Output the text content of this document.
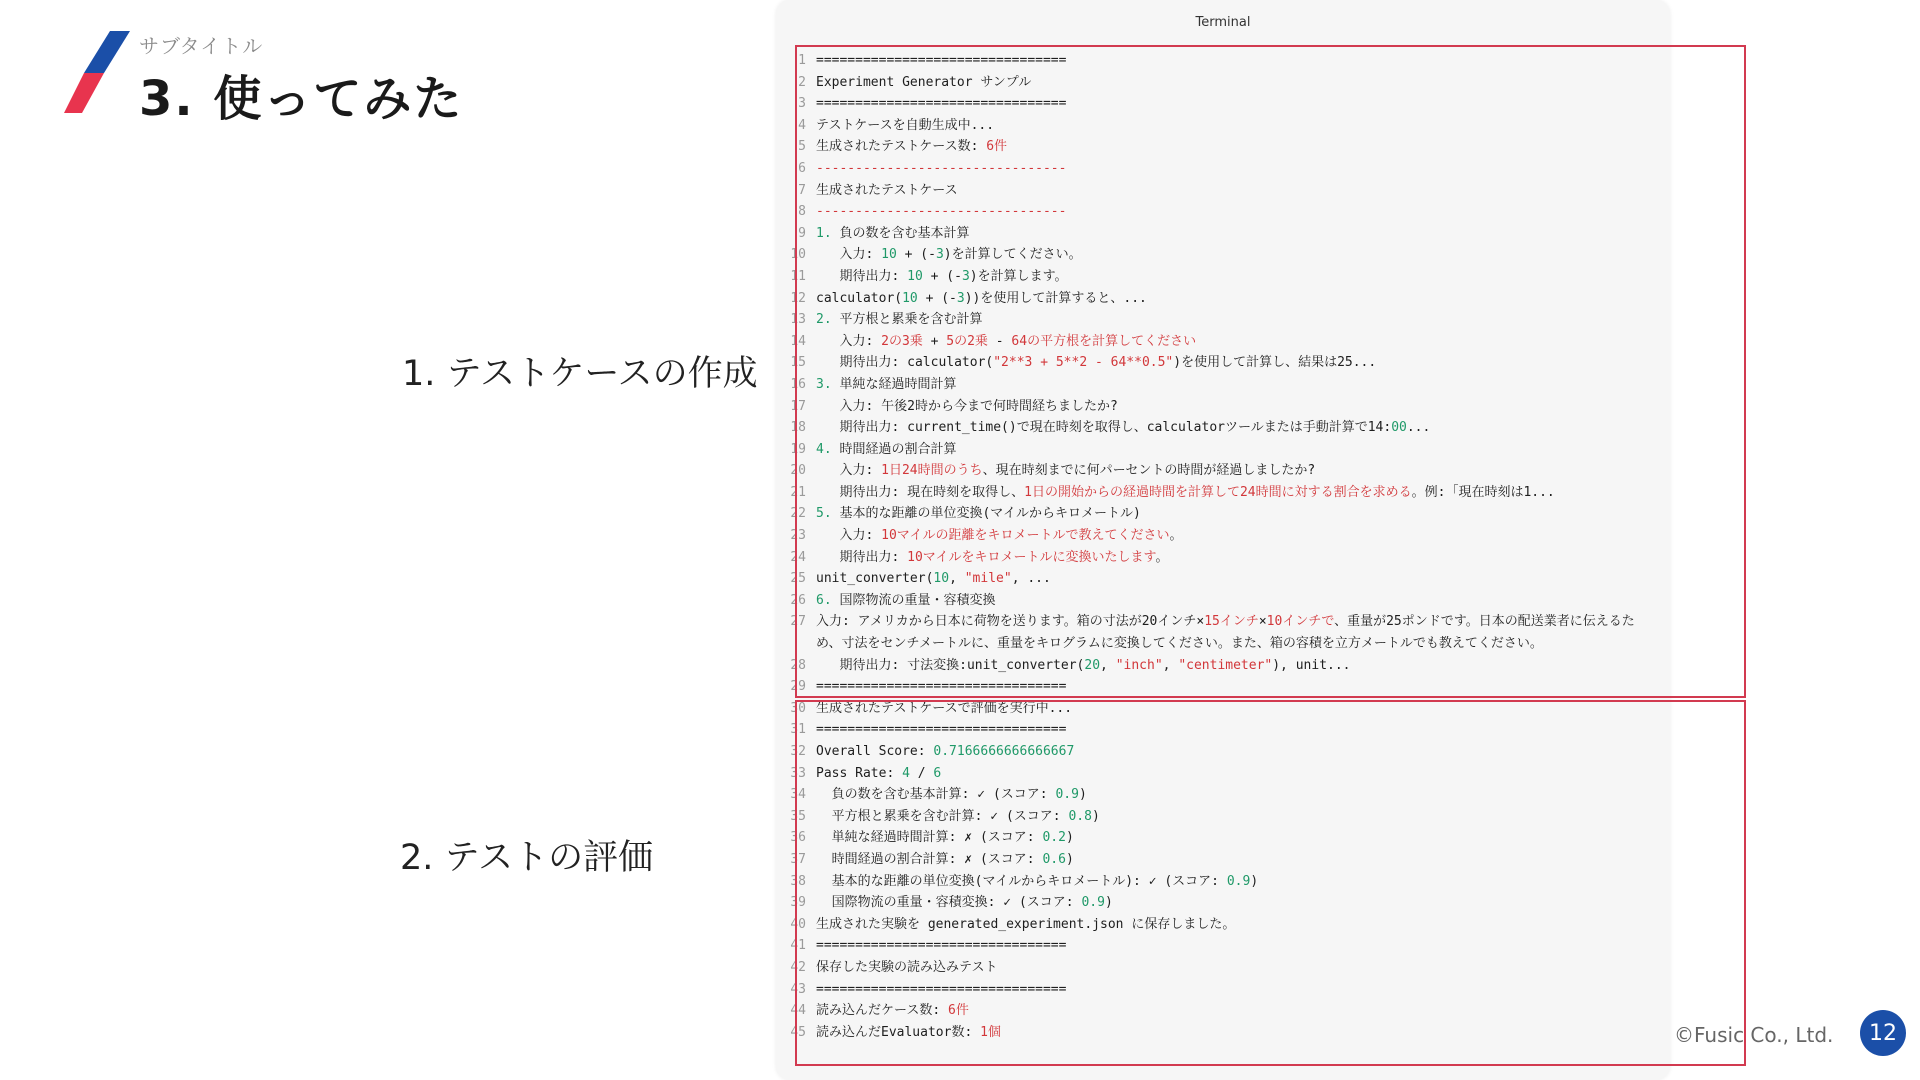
サブタイトル
3. 使ってみた
1. テストケースの作成
2. テストの評価
Terminal
1 ================================
2 Experiment Generator サンプル
3 ================================
4 テストケースを自動生成中...
5 生成されたテストケース数: 6件
6 --------------------------------
7 生成されたテストケース
8 --------------------------------
9 1. 負の数を含む基本計算
10 入力: 10 + (-3)を計算してください。
11 期待出力: 10 + (-3)を計算します。
12 calculator(10 + (-3))を使用して計算すると、...
13 2. 平方根と累乗を含む計算
14 入力: 2の3乗 + 5の2乗 - 64の平方根を計算してください
15 期待出力: calculator("2**3 + 5**2 - 64**0.5")を使用して計算し、結果は25...
16 3. 単純な経過時間計算
17 入力: 午後2時から今まで何時間経ちましたか?
18 期待出力: current_time()で現在時刻を取得し、calculatorツールまたは手動計算で14:00...
19 4. 時間経過の割合計算
20 入力: 1日24時間のうち、現在時刻までに何パーセントの時間が経過しましたか?
21 期待出力: 現在時刻を取得し、1日の開始からの経過時間を計算して24時間に対する割合を求める。例:「現在時刻は1...
22 5. 基本的な距離の単位変換(マイルからキロメートル)
23 入力: 10マイルの距離をキロメートルで教えてください。
24 期待出力: 10マイルをキロメートルに変換いたします。
25 unit_converter(10, "mile", ...
26 6. 国際物流の重量・容積変換
27 入力: アメリカから日本に荷物を送ります。箱の寸法が20インチ×15インチ×10インチで、重量が25ポンドです。日本の配送業者に伝えるため、寸法をセンチメートルに、重量をキログラムに変換してください。また、箱の容積を立方メートルでも教えてください。
28 期待出力: 寸法変換:unit_converter(20, "inch", "centimeter"), unit...
29 ================================
30 生成されたテストケースで評価を実行中...
31 ================================
32 Overall Score: 0.7166666666666667
33 Pass Rate: 4 / 6
34 負の数を含む基本計算: ✓ (スコア: 0.9)
35 平方根と累乗を含む計算: ✓ (スコア: 0.8)
36 単純な経過時間計算: ✗ (スコア: 0.2)
37 時間経過の割合計算: ✗ (スコア: 0.6)
38 基本的な距離の単位変換(マイルからキロメートル): ✓ (スコア: 0.9)
39 国際物流の重量・容積変換: ✓ (スコア: 0.9)
40 生成された実験を generated_experiment.json に保存しました。
41 ================================
42 保存した実験の読み込みテスト
43 ================================
44 読み込んだケース数: 6件
45 読み込んだEvaluator数: 1個	©Fusic Co., Ltd.	12
